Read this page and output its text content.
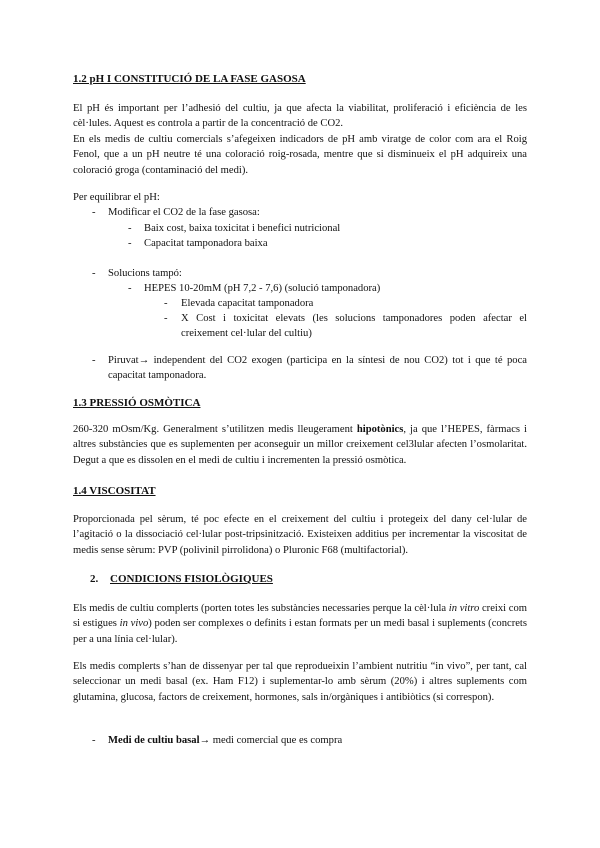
1.2 pH I CONSTITUCIÓ DE LA FASE GASOSA

El pH és important per l’adhesió del cultiu, ja que afecta la viabilitat, proliferació i eficiència de les cèl·lules. Aquest es controla a partir de la concentració de CO2.

En els medis de cultiu comercials s’afegeixen indicadors de pH amb viratge de color com ara el Roig Fenol, que a un pH neutre té una coloració roig-rosada, mentre que si disminueix el pH adquireix una coloració groga (contaminació del medi).

Per equilibrar el pH:

- Modificar el CO2 de la fase gasosa:

- Baix cost, baixa toxicitat i benefici nutricional

- Capacitat tamponadora baixa

- Solucions tampó:

- HEPES 10-20mM (pH 7,2 - 7,6) (solució tamponadora)

- Elevada capacitat tamponadora

- X Cost i toxicitat elevats (les solucions tamponadores poden afectar el creixement cel·lular del cultiu)

- Piruvat→ independent del CO2 exogen (participa en la síntesi de nou CO2) tot i que té poca capacitat tamponadora.

1.3 PRESSIÓ OSMÒTICA

260-320 mOsm/Kg. Generalment s’utilitzen medis lleugerament hipotònics, ja que l’HEPES, fàrmacs i altres substàncies que es suplementen per aconseguir un millor creixement cel3lular afecten l’osmolaritat. Degut a que es dissolen en el medi de cultiu i incrementen la pressió osmòtica.

1.4 VISCOSITAT

Proporcionada pel sèrum, té poc efecte en el creixement del cultiu i protegeix del dany cel·lular de l’agitació o la dissociació cel·lular post-tripsinització. Existeixen additius per incrementar la viscositat de medis sense sèrum: PVP (polivinil pirrolidona) o Pluronic F68 (multifactorial).

2. CONDICIONS FISIOLÒGIQUES

Els medis de cultiu complerts (porten totes les substàncies necessaries perque la cèl·lula in vitro creixi com si estigues in vivo) poden ser complexes o definits i estan formats per un medi basal i suplements (concrets per a una línia cel·lular).

Els medis complerts s’han de dissenyar per tal que reprodueixin l’ambient nutritiu “in vivo”, per tant, cal seleccionar un medi basal (ex. Ham F12) i suplementar-lo amb sèrum (20%) i altres suplements com glutamina, glucosa, factors de creixement, hormones, sals in/orgàniques i antibiòtics (si correspon).

- Medi de cultiu basal→ medi comercial que es compra
